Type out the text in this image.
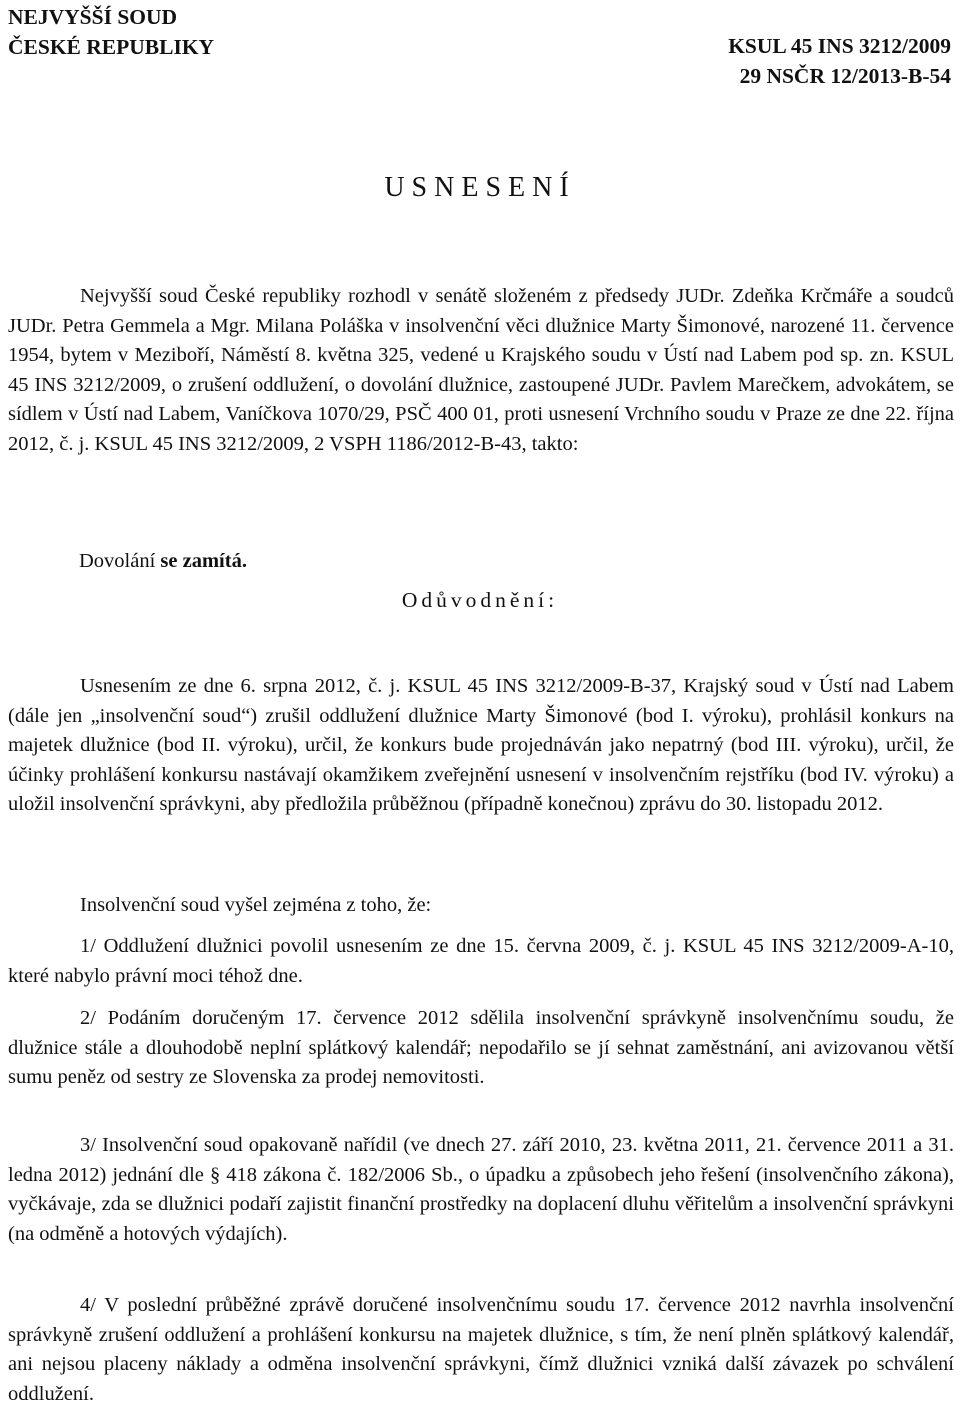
NEJVYŠŠÍ SOUD
ČESKÉ REPUBLIKY	KSUL 45 INS 3212/2009
29 NSČR 12/2013-B-54
USNESENÍ

Nejvyšší soud České republiky rozhodl v senátě složeném z předsedy JUDr. Zdeňka Krčmáře a soudců JUDr. Petra Gemmela a Mgr. Milana Poláška v insolvenční věci dlužnice Marty Šimonové, narozené 11. července 1954, bytem v Meziboří, Náměstí 8. května 325, vedené u Krajského soudu v Ústí nad Labem pod sp. zn. KSUL 45 INS 3212/2009, o zrušení oddlužení, o dovolání dlužnice, zastoupené JUDr. Pavlem Marečkem, advokátem, se sídlem v Ústí nad Labem, Vaníčkova 1070/29, PSČ 400 01, proti usnesení Vrchního soudu v Praze ze dne 22. října 2012, č. j. KSUL 45 INS 3212/2009, 2 VSPH 1186/2012-B-43, takto:

Dovolání se zamítá.
Odůvodnění:

Usnesením ze dne 6. srpna 2012, č. j. KSUL 45 INS 3212/2009-B-37, Krajský soud v Ústí nad Labem (dále jen „insolvenční soud“) zrušil oddlužení dlužnice Marty Šimonové (bod I. výroku), prohlásil konkurs na majetek dlužnice (bod II. výroku), určil, že konkurs bude projednáván jako nepatrný (bod III. výroku), určil, že účinky prohlášení konkursu nastávají okamžikem zveřejnění usnesení v insolvenčním rejstříku (bod IV. výroku) a uložil insolvenční správkyni, aby předložila průběžnou (případně konečnou) zprávu do 30. listopadu 2012.

Insolvenční soud vyšel zejména z toho, že:

1/ Oddlužení dlužnici povolil usnesením ze dne 15. června 2009, č. j. KSUL 45 INS 3212/2009-A-10, které nabylo právní moci téhož dne.

2/ Podáním doručeným 17. července 2012 sdělila insolvenční správkyně insolvenčnímu soudu, že dlužnice stále a dlouhodobě neplní splátkový kalendář; nepodařilo se jí sehnat zaměstnání, ani avizovanou větší sumu peněz od sestry ze Slovenska za prodej nemovitosti.

3/ Insolvenční soud opakovaně nařídil (ve dnech 27. září 2010, 23. května 2011, 21. července 2011 a 31. ledna 2012) jednání dle § 418 zákona č. 182/2006 Sb., o úpadku a způsobech jeho řešení (insolvenčního zákona), vyčkávaje, zda se dlužnici podaří zajistit finanční prostředky na doplacení dluhu věřitelům a insolvenční správkyni (na odměně a hotových výdajích).

4/ V poslední průběžné zprávě doručené insolvenčnímu soudu 17. července 2012 navrhla insolvenční správkyně zrušení oddlužení a prohlášení konkursu na majetek dlužnice, s tím, že není plněn splátkový kalendář, ani nejsou placeny náklady a odměna insolvenční správkyni, čímž dlužnici vzniká další závazek po schválení oddlužení.
